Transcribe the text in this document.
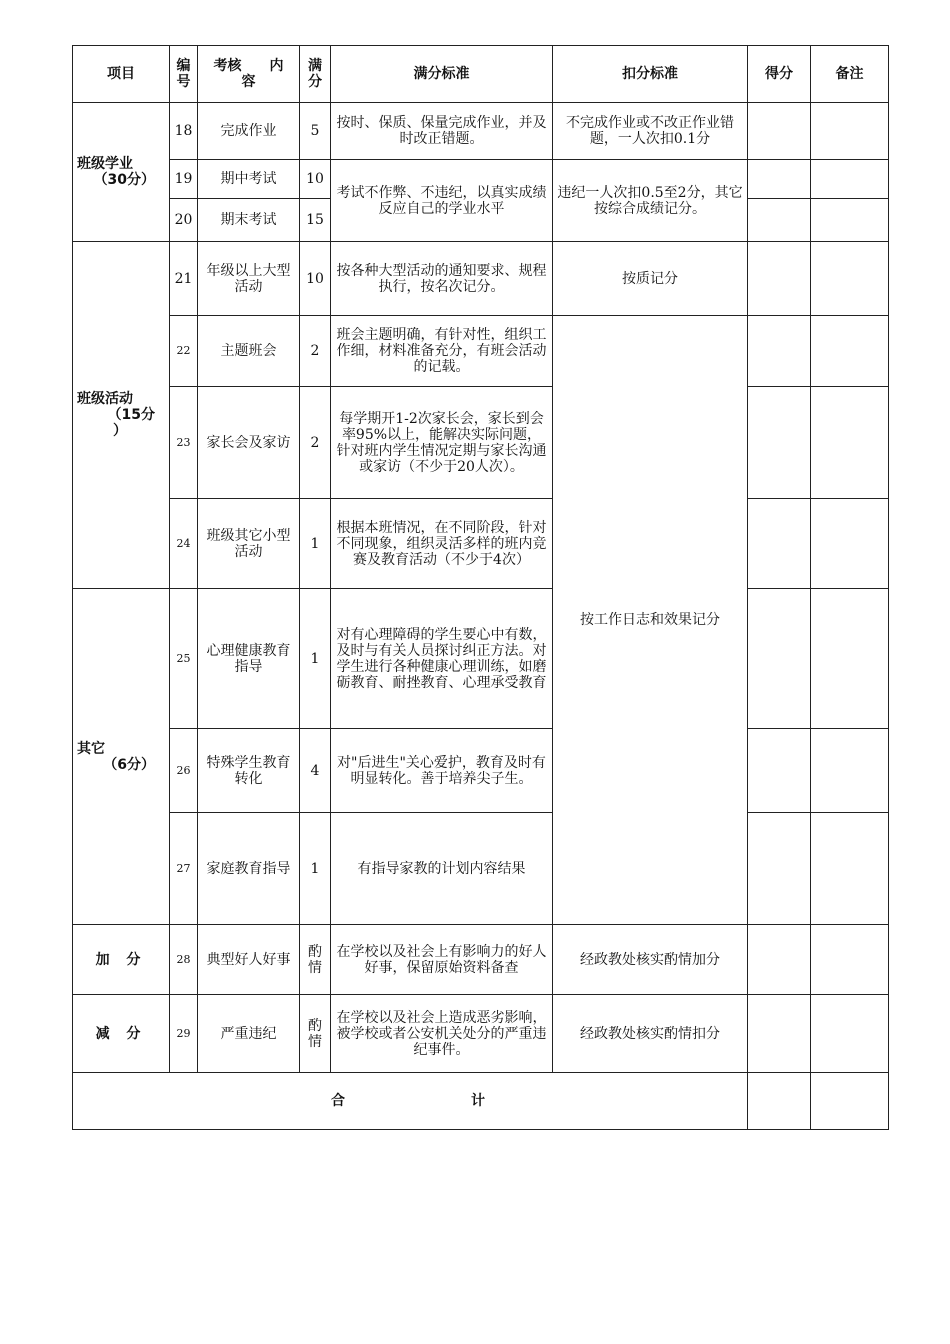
项目	编号	考核　　内
容	满分	满分标准	扣分标准	得分	备注
班级学业
（30分）	18	完成作业	5	按时、保质、保量完成作业，并及时改正错题。	不完成作业或不改正作业错题，一人次扣0.1分		
	19	期中考试	10	考试不作弊、不违纪，以真实成绩反应自己的学业水平	违纪一人次扣0.5至2分，其它按综合成绩记分。		
	20	期末考试	15				
班级活动
（15分
）	21	年级以上大型活动	10	按各种大型活动的通知要求、规程执行，按名次记分。	按质记分		
	22	主题班会	2	班会主题明确，有针对性，组织工作细，材料准备充分，有班会活动的记载。	按工作日志和效果记分		
	23	家长会及家访	2	每学期开1-2次家长会，家长到会率95%以上，能解决实际问题，针对班内学生情况定期与家长沟通或家访（不少于20人次）。			
	24	班级其它小型活动	1	根据本班情况，在不同阶段，针对不同现象，组织灵活多样的班内竞赛及教育活动（不少于4次）			
其它
（6分）	25	心理健康教育指导	1	对有心理障碍的学生要心中有数，及时与有关人员探讨纠正方法。对学生进行各种健康心理训练，如磨砺教育、耐挫教育、心理承受教育			
	26	特殊学生教育转化	4	对"后进生"关心爱护，教育及时有明显转化。善于培养尖子生。			
	27	家庭教育指导	1	有指导家教的计划内容结果			
加 分	28	典型好人好事	酌情	在学校以及社会上有影响力的好人好事，保留原始资料备查	经政教处核实酌情加分		
减 分	29	严重违纪	酌情	在学校以及社会上造成恶劣影响，被学校或者公安机关处分的严重违纪事件。	经政教处核实酌情扣分		
合　计							
